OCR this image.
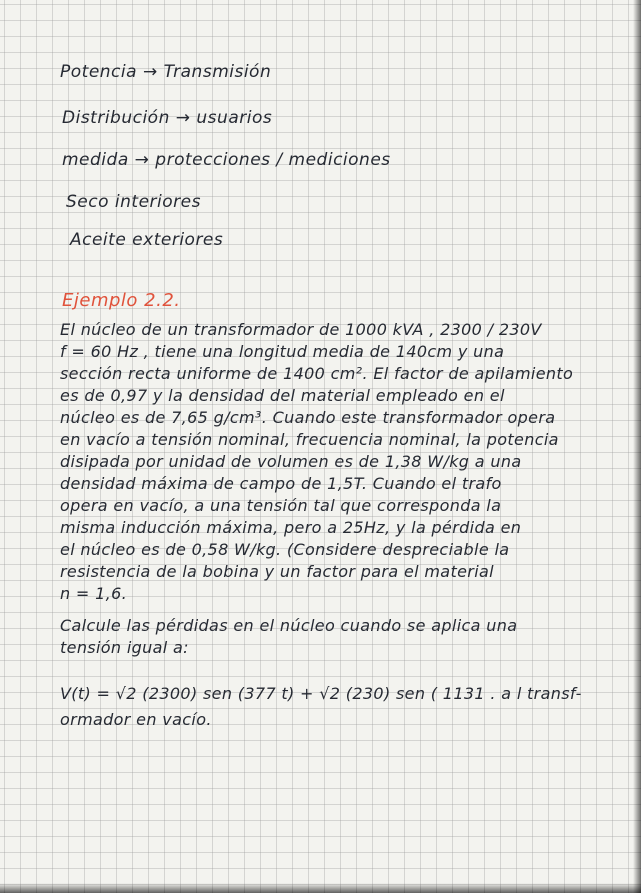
Potencia → Transmisión
Distribución → usuarios
medida → protecciones / mediciones
Seco interiores
Aceite exteriores
Ejemplo 2.2.
El núcleo de un transformador de 1000 kVA , 2300 / 230V
f = 60 Hz , tiene una longitud media de 140cm y una
sección recta uniforme de 1400 cm². El factor de apilamiento
es de 0,97 y la densidad del material empleado en el
núcleo es de 7,65 g/cm³. Cuando este transformador opera
en vacío a tensión nominal, frecuencia nominal, la potencia
disipada por unidad de volumen es de 1,38 W/kg a una
densidad máxima de campo de 1,5T. Cuando el trafo
opera en vacío, a una tensión tal que corresponda la
misma inducción máxima, pero a 25Hz, y la pérdida en
el núcleo es de 0,58 W/kg. (Considere despreciable la
resistencia de la bobina y un factor para el material
n = 1,6.
Calcule las pérdidas en el núcleo cuando se aplica una
tensión igual a:
V(t) = √2 (2300) sen (377 t) + √2 (230) sen ( 1131 . a l transf-
ormador en vacío.
